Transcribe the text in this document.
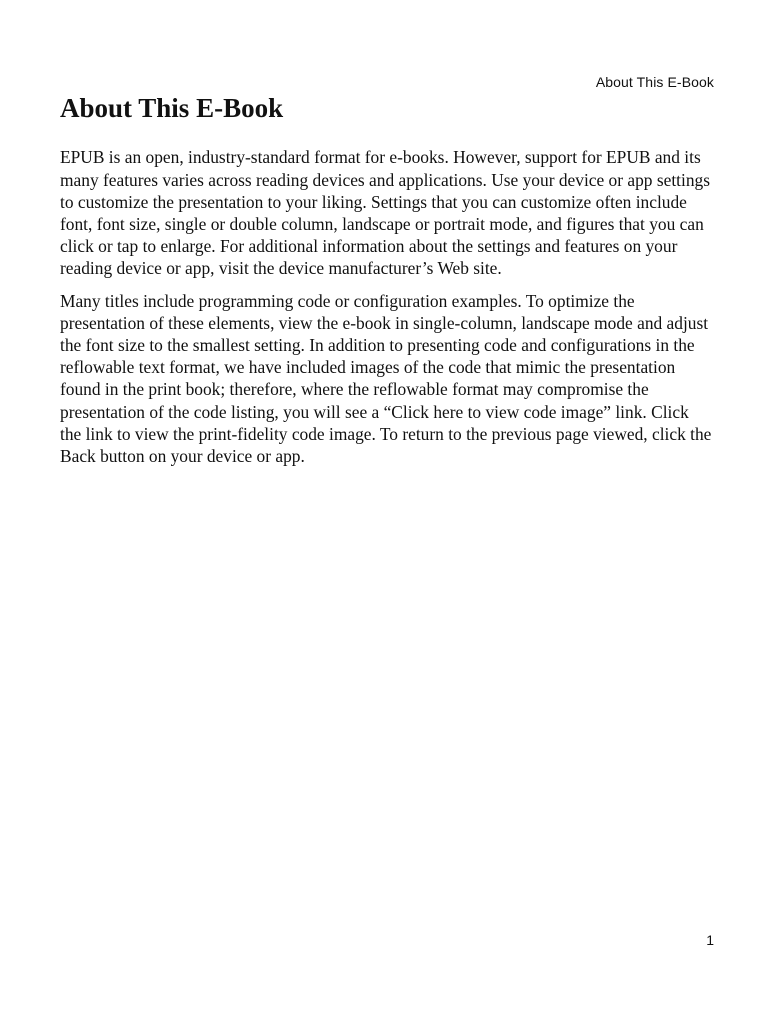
About This E-Book
About This E-Book

EPUB is an open, industry-standard format for e-books. However, support for EPUB and its many features varies across reading devices and applications. Use your device or app settings to customize the presentation to your liking. Settings that you can customize often include font, font size, single or double column, landscape or portrait mode, and figures that you can click or tap to enlarge. For additional information about the settings and features on your reading device or app, visit the device manufacturer’s Web site.

Many titles include programming code or configuration examples. To optimize the presentation of these elements, view the e-book in single-column, landscape mode and adjust the font size to the smallest setting. In addition to presenting code and configurations in the reflowable text format, we have included images of the code that mimic the presentation found in the print book; therefore, where the reflowable format may compromise the presentation of the code listing, you will see a “Click here to view code image” link. Click the link to view the print-fidelity code image. To return to the previous page viewed, click the Back button on your device or app.

1
